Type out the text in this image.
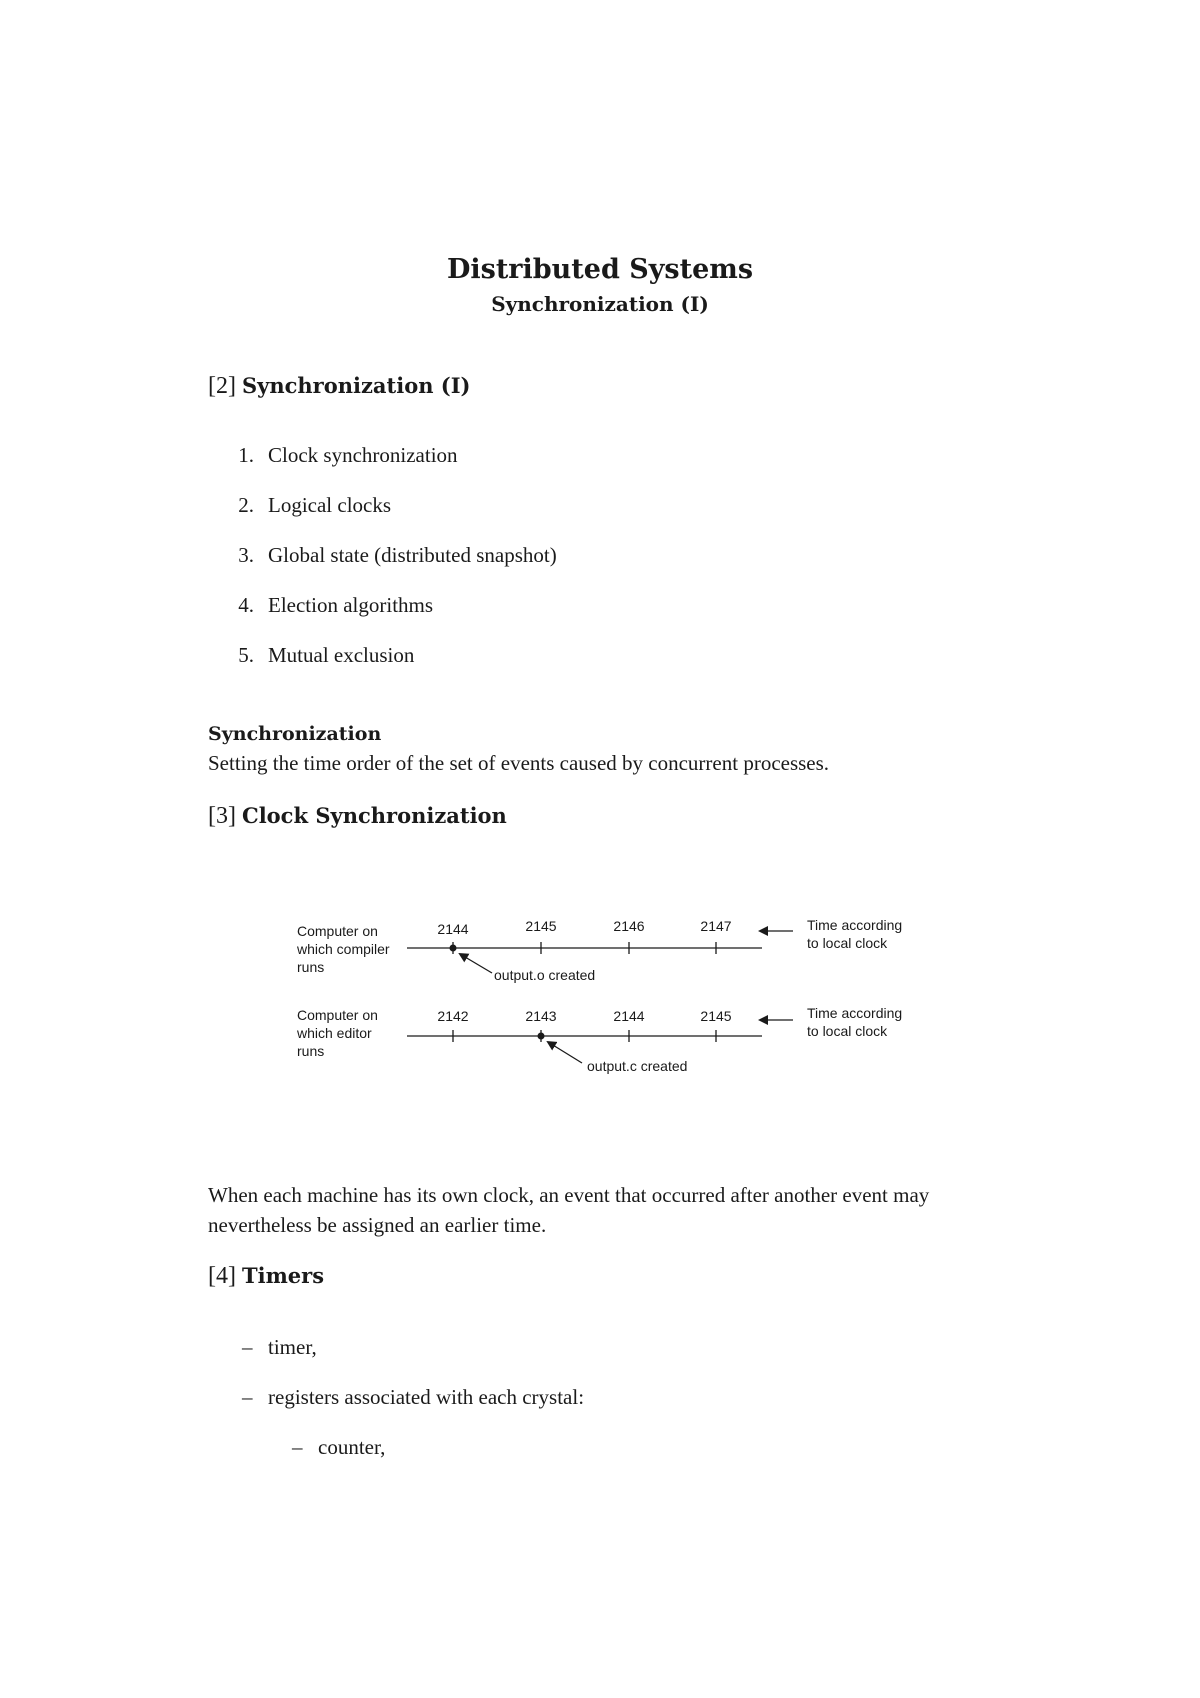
Distributed Systems
Synchronization (I)
[2] Synchronization (I)
1. Clock synchronization
2. Logical clocks
3. Global state (distributed snapshot)
4. Election algorithms
5. Mutual exclusion
Synchronization
Setting the time order of the set of events caused by concurrent processes.
[3] Clock Synchronization
Computer on
which compiler
runs
2144	2145	2146	2147
output.o created
Time according
to local clock
Computer on
which editor
runs
2142	2143	2144	2145
output.c created
Time according
to local clock
When each machine has its own clock, an event that occurred after another event may nevertheless be assigned an earlier time.
[4] Timers
– timer,
– registers associated with each crystal:
– counter,
